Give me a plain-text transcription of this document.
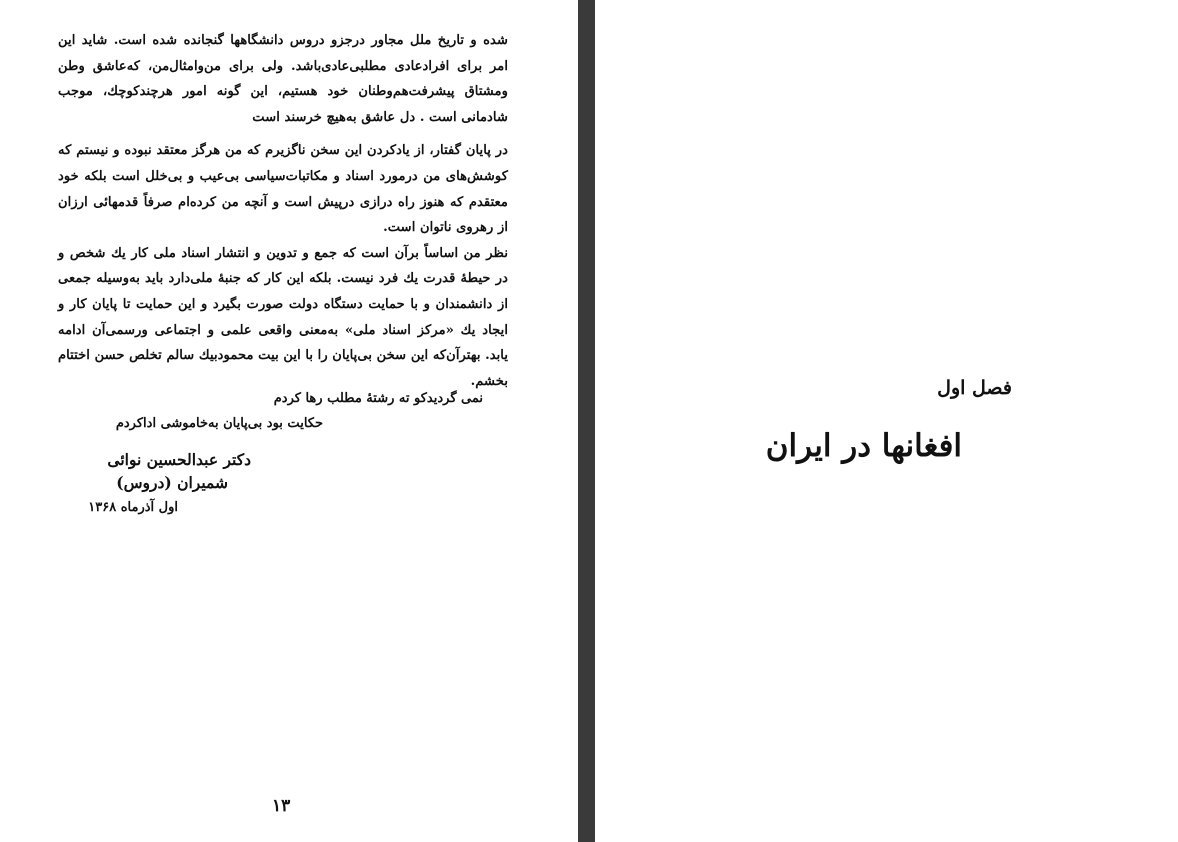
شده و تاریخ ملل مجاور درجزو دروس دانشگاهها گنجانده شده است. شاید این امر برای افرادعادی مطلبی‌عادی‌باشد. ولی برای من‌وامثال‌من، که‌عاشق وطن ومشتاق پیشرفت‌هم‌وطنان خود هستیم، این گونه امور هرچندکوچك، موجب شادمانی است . دل عاشق به‌هیچ خرسند است

در پایان گفتار، از یادکردن این سخن ناگزیرم که من هرگز معتقد نبوده و نیستم که کوشش‌های من درمورد اسناد و مکاتبات‌سیاسی بی‌عیب و بی‌خلل است بلکه خود معتقدم که هنوز راه درازی درپیش است و آنچه من کرده‌ام صرفاً قدمهائی ارزان از رهروی ناتوان است.

نظر من اساساً برآن است که جمع و تدوین و انتشار اسناد ملی کار یك شخص و در حیطهٔ قدرت یك فرد نیست. بلکه این کار که جنبهٔ ملی‌دارد باید به‌وسیله جمعی از دانشمندان و با حمایت دستگاه دولت صورت بگیرد و این حمایت تا پایان کار و ایجاد یك «مرکز اسناد ملی» به‌معنی واقعی علمی و اجتماعی ورسمی‌آن ادامه یابد. بهترآن‌که این سخن بی‌پایان را با این بیت محمودبیك سالم تخلص حسن اختتام بخشم.

نمی گردیدکو ته رشتهٔ مطلب رها کردم
حکایت بود بی‌پایان به‌خاموشی اداکردم
دکتر عبدالحسین نوائی
شمیران (دروس)
اول آذرماه ۱۳۶۸
۱۳
فصل اول
افغانها در ایران
